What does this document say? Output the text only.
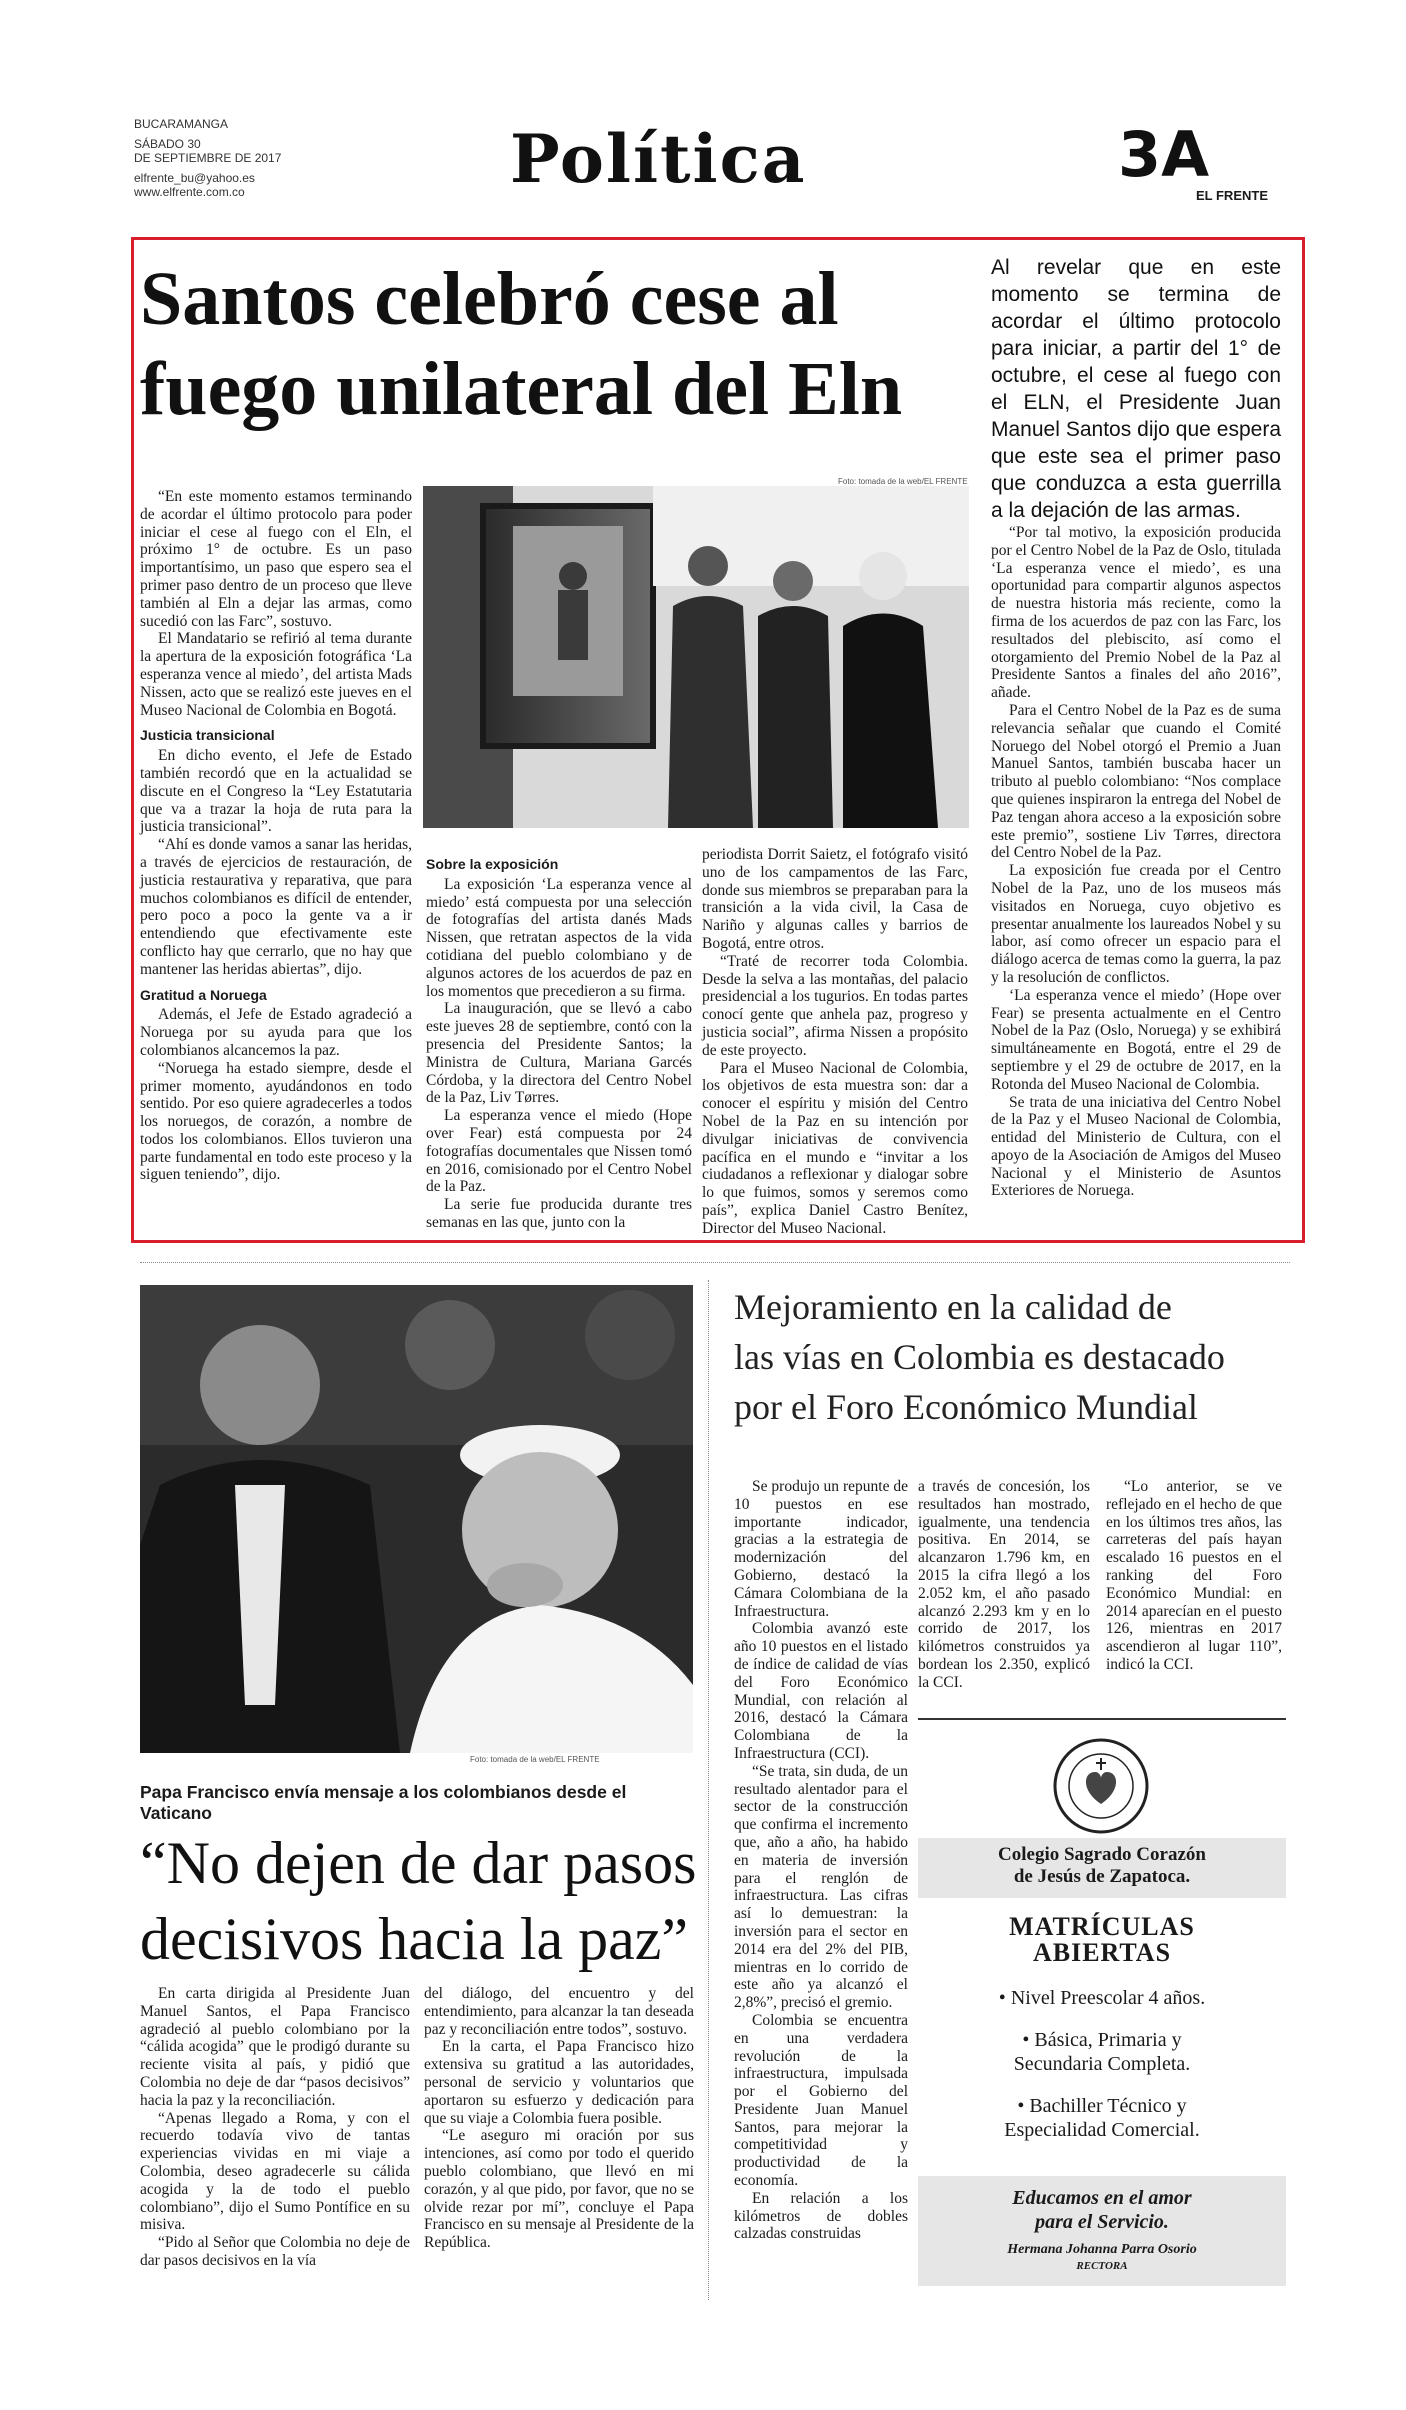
BUCARAMANGA
SÁBADO 30
DE SEPTIEMBRE DE 2017
elfrente_bu@yahoo.es
www.elfrente.com.co	Política	3A
EL FRENTE
Santos celebró cese al
fuego unilateral del Eln
Al revelar que en este momento se termina de acordar el último protocolo para iniciar, a partir del 1° de octubre, el cese al fuego con el ELN, el Presidente Juan Manuel Santos dijo que espera que este sea el primer paso que conduzca a esta guerrilla a la dejación de las armas.
Foto: tomada de la web/EL FRENTE

“En este momento estamos terminando de acordar el último protocolo para poder iniciar el cese al fuego con el Eln, el próximo 1° de octubre. Es un paso importantísimo, un paso que espero sea el primer paso dentro de un proceso que lleve también al Eln a dejar las armas, como sucedió con las Farc”, sostuvo.

El Mandatario se refirió al tema durante la apertura de la exposición fotográfica ‘La esperanza vence al miedo’, del artista Mads Nissen, acto que se realizó este jueves en el Museo Nacional de Colombia en Bogotá.

Justicia transicional

En dicho evento, el Jefe de Estado también recordó que en la actualidad se discute en el Congreso la “Ley Estatutaria que va a trazar la hoja de ruta para la justicia transicional”.

“Ahí es donde vamos a sanar las heridas, a través de ejercicios de restauración, de justicia restaurativa y reparativa, que para muchos colombianos es difícil de entender, pero poco a poco la gente va a ir entendiendo que efectivamente este conflicto hay que cerrarlo, que no hay que mantener las heridas abiertas”, dijo.

Gratitud a Noruega

Además, el Jefe de Estado agradeció a Noruega por su ayuda para que los colombianos alcancemos la paz.

“Noruega ha estado siempre, desde el primer momento, ayudándonos en todo sentido. Por eso quiere agradecerles a todos los noruegos, de corazón, a nombre de todos los colombianos. Ellos tuvieron una parte fundamental en todo este proceso y la siguen teniendo”, dijo.

Sobre la exposición

La exposición ‘La esperanza vence al miedo’ está compuesta por una selección de fotografías del artista danés Mads Nissen, que retratan aspectos de la vida cotidiana del pueblo colombiano y de algunos actores de los acuerdos de paz en los momentos que precedieron a su firma.

La inauguración, que se llevó a cabo este jueves 28 de septiembre, contó con la presencia del Presidente Santos; la Ministra de Cultura, Mariana Garcés Córdoba, y la directora del Centro Nobel de la Paz, Liv Tørres.

La esperanza vence el miedo (Hope over Fear) está compuesta por 24 fotografías documentales que Nissen tomó en 2016, comisionado por el Centro Nobel de la Paz.

La serie fue producida durante tres semanas en las que, junto con la

periodista Dorrit Saietz, el fotógrafo visitó uno de los campamentos de las Farc, donde sus miembros se preparaban para la transición a la vida civil, la Casa de Nariño y algunas calles y barrios de Bogotá, entre otros.

“Traté de recorrer toda Colombia. Desde la selva a las montañas, del palacio presidencial a los tugurios. En todas partes conocí gente que anhela paz, progreso y justicia social”, afirma Nissen a propósito de este proyecto.

Para el Museo Nacional de Colombia, los objetivos de esta muestra son: dar a conocer el espíritu y misión del Centro Nobel de la Paz en su intención por divulgar iniciativas de convivencia pacífica en el mundo e “invitar a los ciudadanos a reflexionar y dialogar sobre lo que fuimos, somos y seremos como país”, explica Daniel Castro Benítez, Director del Museo Nacional.

“Por tal motivo, la exposición producida por el Centro Nobel de la Paz de Oslo, titulada ‘La esperanza vence el miedo’, es una oportunidad para compartir algunos aspectos de nuestra historia más reciente, como la firma de los acuerdos de paz con las Farc, los resultados del plebiscito, así como el otorgamiento del Premio Nobel de la Paz al Presidente Santos a finales del año 2016”, añade.

Para el Centro Nobel de la Paz es de suma relevancia señalar que cuando el Comité Noruego del Nobel otorgó el Premio a Juan Manuel Santos, también buscaba hacer un tributo al pueblo colombiano: “Nos complace que quienes inspiraron la entrega del Nobel de Paz tengan ahora acceso a la exposición sobre este premio”, sostiene Liv Tørres, directora del Centro Nobel de la Paz.

La exposición fue creada por el Centro Nobel de la Paz, uno de los museos más visitados en Noruega, cuyo objetivo es presentar anualmente los laureados Nobel y su labor, así como ofrecer un espacio para el diálogo acerca de temas como la guerra, la paz y la resolución de conflictos.

‘La esperanza vence el miedo’ (Hope over Fear) se presenta actualmente en el Centro Nobel de la Paz (Oslo, Noruega) y se exhibirá simultáneamente en Bogotá, entre el 29 de septiembre y el 29 de octubre de 2017, en la Rotonda del Museo Nacional de Colombia.

Se trata de una iniciativa del Centro Nobel de la Paz y el Museo Nacional de Colombia, entidad del Ministerio de Cultura, con el apoyo de la Asociación de Amigos del Museo Nacional y el Ministerio de Asuntos Exteriores de Noruega.

Foto: tomada de la web/EL FRENTE
Papa Francisco envía mensaje a los colombianos desde el Vaticano
“No dejen de dar pasos
decisivos hacia la paz”

En carta dirigida al Presidente Juan Manuel Santos, el Papa Francisco agradeció al pueblo colombiano por la “cálida acogida” que le prodigó durante su reciente visita al país, y pidió que Colombia no deje de dar “pasos decisivos” hacia la paz y la reconciliación.

“Apenas llegado a Roma, y con el recuerdo todavía vivo de tantas experiencias vividas en mi viaje a Colombia, deseo agradecerle su cálida acogida y la de todo el pueblo colombiano”, dijo el Sumo Pontífice en su misiva.

“Pido al Señor que Colombia no deje de dar pasos decisivos en la vía

del diálogo, del encuentro y del entendimiento, para alcanzar la tan deseada paz y reconciliación entre todos”, sostuvo.

En la carta, el Papa Francisco hizo extensiva su gratitud a las autoridades, personal de servicio y voluntarios que aportaron su esfuerzo y dedicación para que su viaje a Colombia fuera posible.

“Le aseguro mi oración por sus intenciones, así como por todo el querido pueblo colombiano, que llevó en mi corazón, y al que pido, por favor, que no se olvide rezar por mí”, concluye el Papa Francisco en su mensaje al Presidente de la República.

Mejoramiento en la calidad de
las vías en Colombia es destacado
por el Foro Económico Mundial

Se produjo un repunte de 10 puestos en ese importante indicador, gracias a la estrategia de modernización del Gobierno, destacó la Cámara Colombiana de la Infraestructura.

Colombia avanzó este año 10 puestos en el listado de índice de calidad de vías del Foro Económico Mundial, con relación al 2016, destacó la Cámara Colombiana de la Infraestructura (CCI).

“Se trata, sin duda, de un resultado alentador para el sector de la construcción que confirma el incremento que, año a año, ha habido en materia de inversión para el renglón de infraestructura. Las cifras así lo demuestran: la inversión para el sector en 2014 era del 2% del PIB, mientras en lo corrido de este año ya alcanzó el 2,8%”, precisó el gremio.

Colombia se encuentra en una verdadera revolución de la infraestructura, impulsada por el Gobierno del Presidente Juan Manuel Santos, para mejorar la competitividad y productividad de la economía.

En relación a los kilómetros de dobles calzadas construidas

a través de concesión, los resultados han mostrado, igualmente, una tendencia positiva. En 2014, se alcanzaron 1.796 km, en 2015 la cifra llegó a los 2.052 km, el año pasado alcanzó 2.293 km y en lo corrido de 2017, los kilómetros construidos ya bordean los 2.350, explicó la CCI.

“Lo anterior, se ve reflejado en el hecho de que en los últimos tres años, las carreteras del país hayan escalado 16 puestos en el ranking del Foro Económico Mundial: en 2014 aparecían en el puesto 126, mientras en 2017 ascendieron al lugar 110”, indicó la CCI.

Colegio Sagrado Corazón
de Jesús de Zapatoca.
MATRÍCULAS
ABIERTAS
• Nivel Preescolar 4 años.
• Básica, Primaria y
Secundaria Completa.
• Bachiller Técnico y
Especialidad Comercial.
Educamos en el amor
para el Servicio.
Hermana Johanna Parra Osorio
RECTORA
